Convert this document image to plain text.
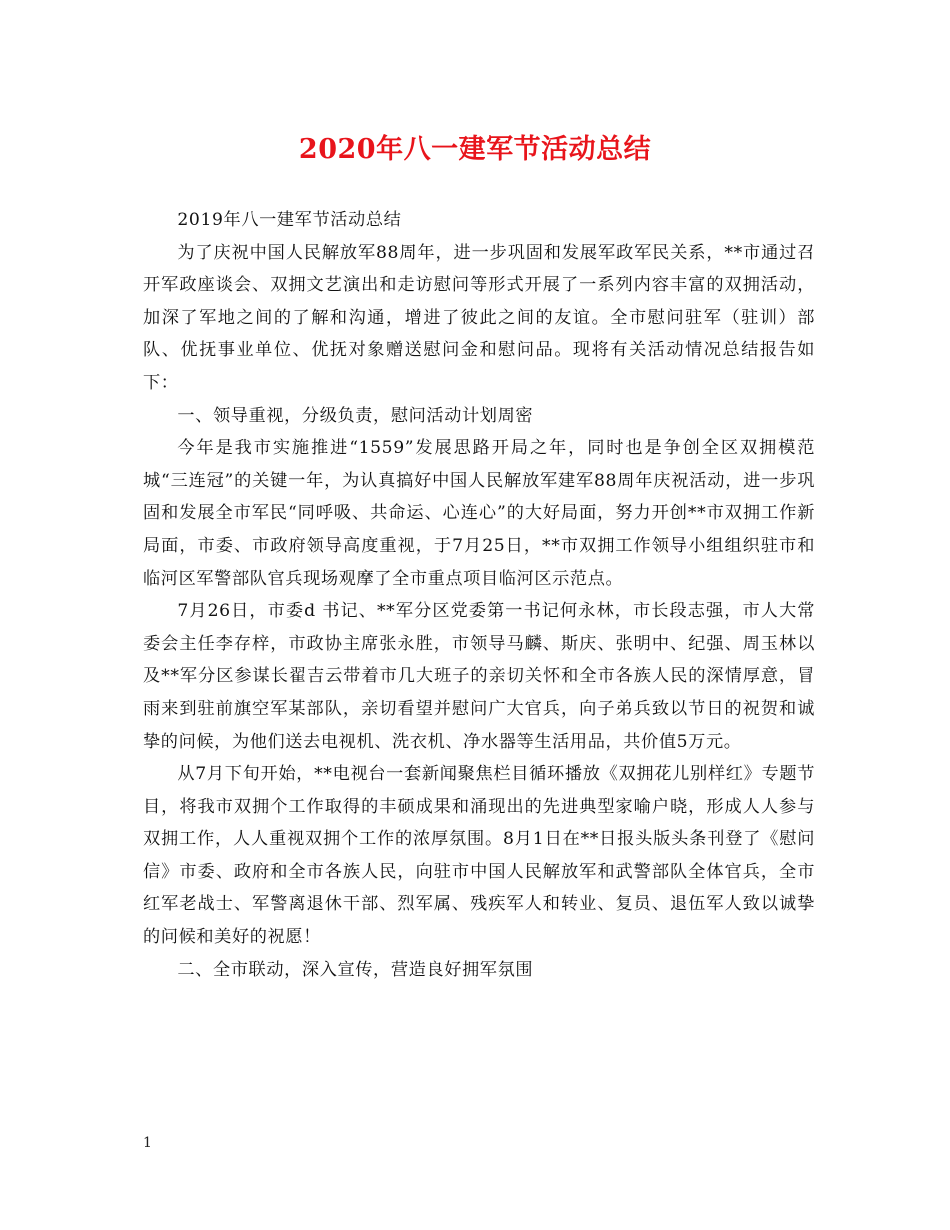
2020年八一建军节活动总结

2019年八一建军节活动总结

为了庆祝中国人民解放军88周年，进一步巩固和发展军政军民关系，**市通过召开军政座谈会、双拥文艺演出和走访慰问等形式开展了一系列内容丰富的双拥活动，加深了军地之间的了解和沟通，增进了彼此之间的友谊。全市慰问驻军（驻训）部队、优抚事业单位、优抚对象赠送慰问金和慰问品。现将有关活动情况总结报告如下：

一、领导重视，分级负责，慰问活动计划周密

今年是我市实施推进“1559”发展思路开局之年，同时也是争创全区双拥模范城“三连冠”的关键一年，为认真搞好中国人民解放军建军88周年庆祝活动，进一步巩固和发展全市军民“同呼吸、共命运、心连心”的大好局面，努力开创**市双拥工作新局面，市委、市政府领导高度重视，于7月25日，**市双拥工作领导小组组织驻市和临河区军警部队官兵现场观摩了全市重点项目临河区示范点。

7月26日，市委d 书记、**军分区党委第一书记何永林，市长段志强，市人大常委会主任李存梓，市政协主席张永胜，市领导马麟、斯庆、张明中、纪强、周玉林以及**军分区参谋长翟吉云带着市几大班子的亲切关怀和全市各族人民的深情厚意，冒雨来到驻前旗空军某部队，亲切看望并慰问广大官兵，向子弟兵致以节日的祝贺和诚挚的问候，为他们送去电视机、洗衣机、净水器等生活用品，共价值5万元。

从7月下旬开始，**电视台一套新闻聚焦栏目循环播放《双拥花儿别样红》专题节目，将我市双拥个工作取得的丰硕成果和涌现出的先进典型家喻户晓，形成人人参与双拥工作，人人重视双拥个工作的浓厚氛围。8月1日在**日报头版头条刊登了《慰问信》市委、政府和全市各族人民，向驻市中国人民解放军和武警部队全体官兵，全市红军老战士、军警离退休干部、烈军属、残疾军人和转业、复员、退伍军人致以诚挚的问候和美好的祝愿！

二、全市联动，深入宣传，营造良好拥军氛围

1
